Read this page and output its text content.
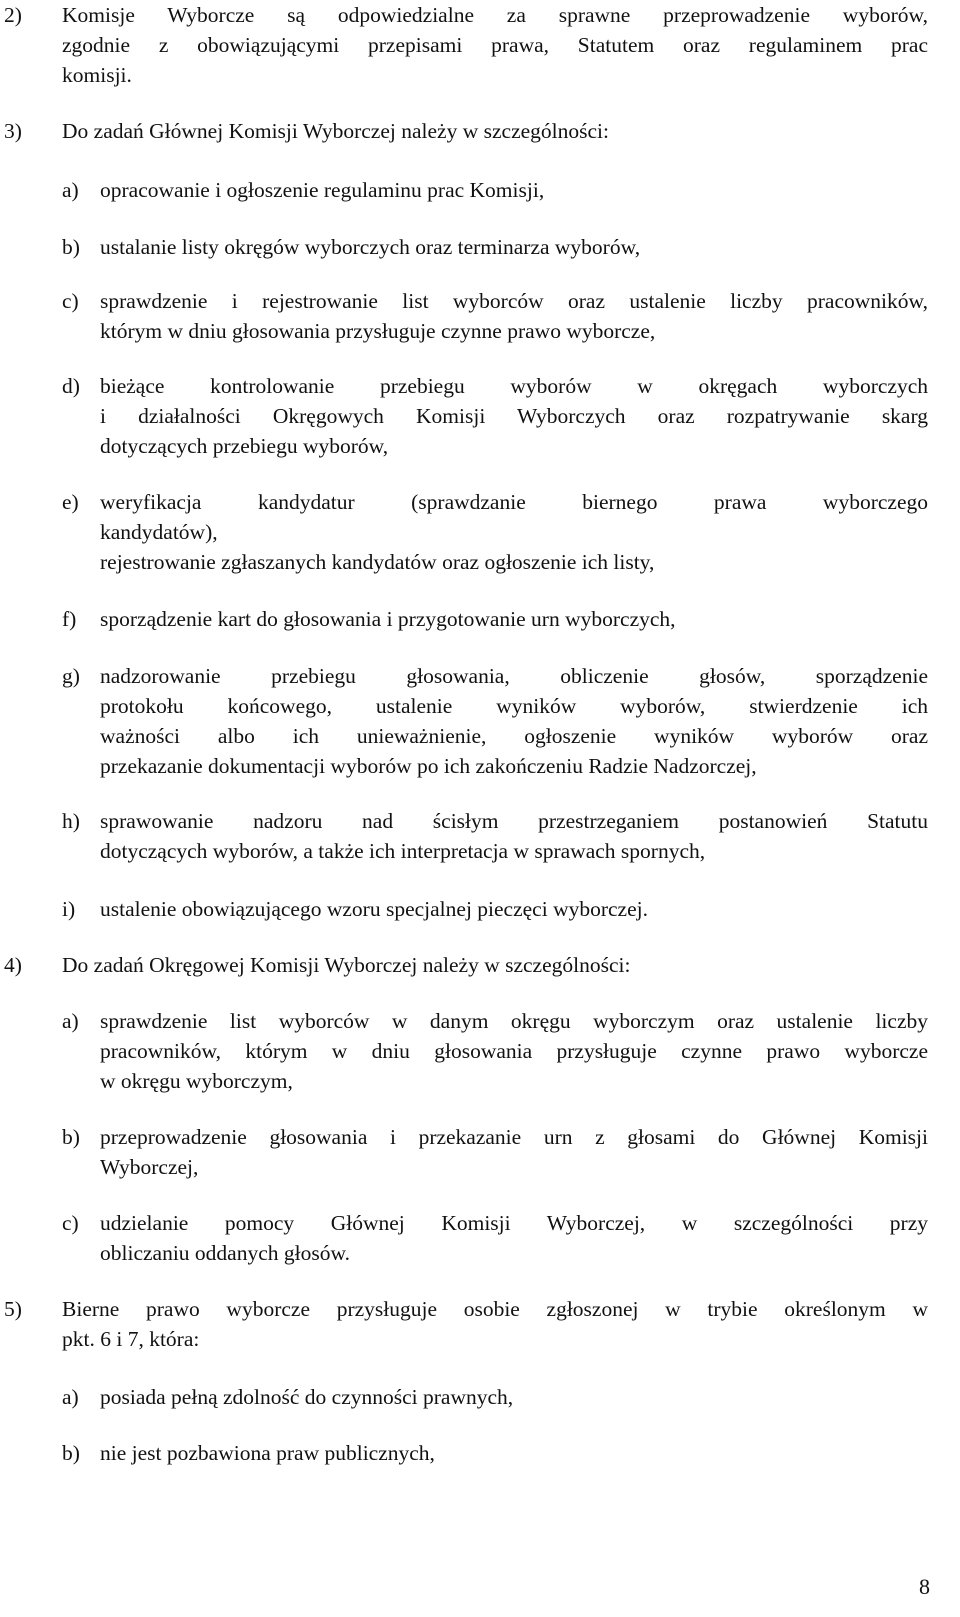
2) Komisje Wyborcze są odpowiedzialne za sprawne przeprowadzenie wyborów,
zgodnie z obowiązującymi przepisami prawa, Statutem oraz regulaminem prac
komisji.
3) Do zadań Głównej Komisji Wyborczej należy w szczególności:
a) opracowanie i ogłoszenie regulaminu prac Komisji,
b) ustalanie listy okręgów wyborczych oraz terminarza wyborów,
c) sprawdzenie i rejestrowanie list wyborców oraz ustalenie liczby pracowników,
którym w dniu głosowania przysługuje czynne prawo wyborcze,
d) bieżące kontrolowanie przebiegu wyborów w okręgach wyborczych
i działalności Okręgowych Komisji Wyborczych oraz rozpatrywanie skarg
dotyczących przebiegu wyborów,
e) weryfikacja kandydatur (sprawdzanie biernego prawa wyborczego
kandydatów),
rejestrowanie zgłaszanych kandydatów oraz ogłoszenie ich listy,
f) sporządzenie kart do głosowania i przygotowanie urn wyborczych,
g) nadzorowanie przebiegu głosowania, obliczenie głosów, sporządzenie
protokołu końcowego, ustalenie wyników wyborów, stwierdzenie ich
ważności albo ich unieważnienie, ogłoszenie wyników wyborów oraz
przekazanie dokumentacji wyborów po ich zakończeniu Radzie Nadzorczej,
h) sprawowanie nadzoru nad ścisłym przestrzeganiem postanowień Statutu
dotyczących wyborów, a także ich interpretacja w sprawach spornych,
i) ustalenie obowiązującego wzoru specjalnej pieczęci wyborczej.
4) Do zadań Okręgowej Komisji Wyborczej należy w szczególności:
a) sprawdzenie list wyborców w danym okręgu wyborczym oraz ustalenie liczby
pracowników, którym w dniu głosowania przysługuje czynne prawo wyborcze
w okręgu wyborczym,
b) przeprowadzenie głosowania i przekazanie urn z głosami do Głównej Komisji
Wyborczej,
c) udzielanie pomocy Głównej Komisji Wyborczej, w szczególności przy
obliczaniu oddanych głosów.
5) Bierne prawo wyborcze przysługuje osobie zgłoszonej w trybie określonym w
pkt. 6 i 7, która:
a) posiada pełną zdolność do czynności prawnych,
b) nie jest pozbawiona praw publicznych,
8
